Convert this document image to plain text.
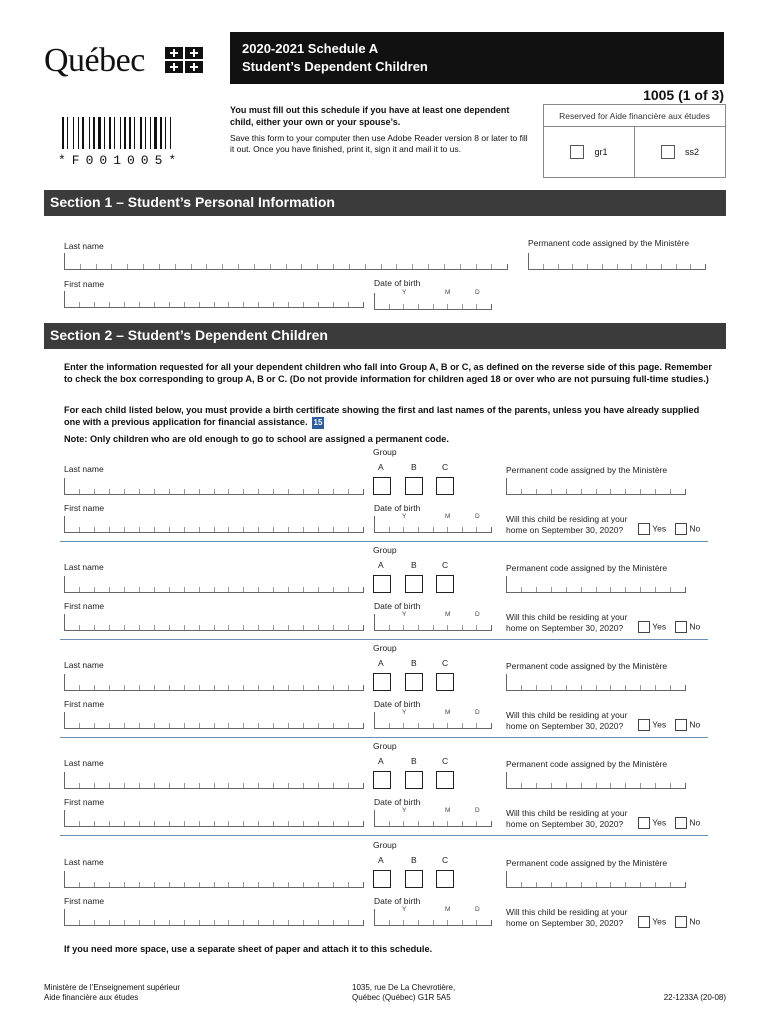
Québec	2020-2021 Schedule A
Student’s Dependent Children
1005 (1 of 3)
*F001005*
You must fill out this schedule if you have at least one dependent child, either your own or your spouse’s.
Save this form to your computer then use Adobe Reader version 8 or later to fill it out. Once you have finished, print it, sign it and mail it to us.
Reserved for Aide financière aux études
gr1	ss2
Section 1 – Student’s Personal Information
Last name	Permanent code assigned by the Ministère
First name	Date of birth
Y	M	D
Section 2 – Student’s Dependent Children
Enter the information requested for all your dependent children who fall into Group A, B or C, as defined on the reverse side of this page. Remember to check the box corresponding to group A, B or C. (Do not provide information for children aged 18 or over who are not pursuing full-time studies.)
For each child listed below, you must provide a birth certificate showing the first and last names of the parents, unless you have already supplied one with a previous application for financial assistance. 15
Note: Only children who are old enough to go to school are assigned a permanent code.
Group
A	B	C
Last name	Permanent code assigned by the Ministère
First name	Date of birth
Y	M	D	Will this child be residing at your
home on September 30, 2020?	Yes	No
Group
A	B	C
Last name	Permanent code assigned by the Ministère
First name	Date of birth
Y	M	D	Will this child be residing at your
home on September 30, 2020?	Yes	No
Group
A	B	C
Last name	Permanent code assigned by the Ministère
First name	Date of birth
Y	M	D	Will this child be residing at your
home on September 30, 2020?	Yes	No
Group
A	B	C
Last name	Permanent code assigned by the Ministère
First name	Date of birth
Y	M	D	Will this child be residing at your
home on September 30, 2020?	Yes	No
Group
A	B	C
Last name	Permanent code assigned by the Ministère
First name	Date of birth
Y	M	D	Will this child be residing at your
home on September 30, 2020?	Yes	No
If you need more space, use a separate sheet of paper and attach it to this schedule.
Ministère de l’Enseignement supérieur
Aide financière aux études
1035, rue De La Chevrotière,
Québec (Québec) G1R 5A5	22-1233A (20-08)
